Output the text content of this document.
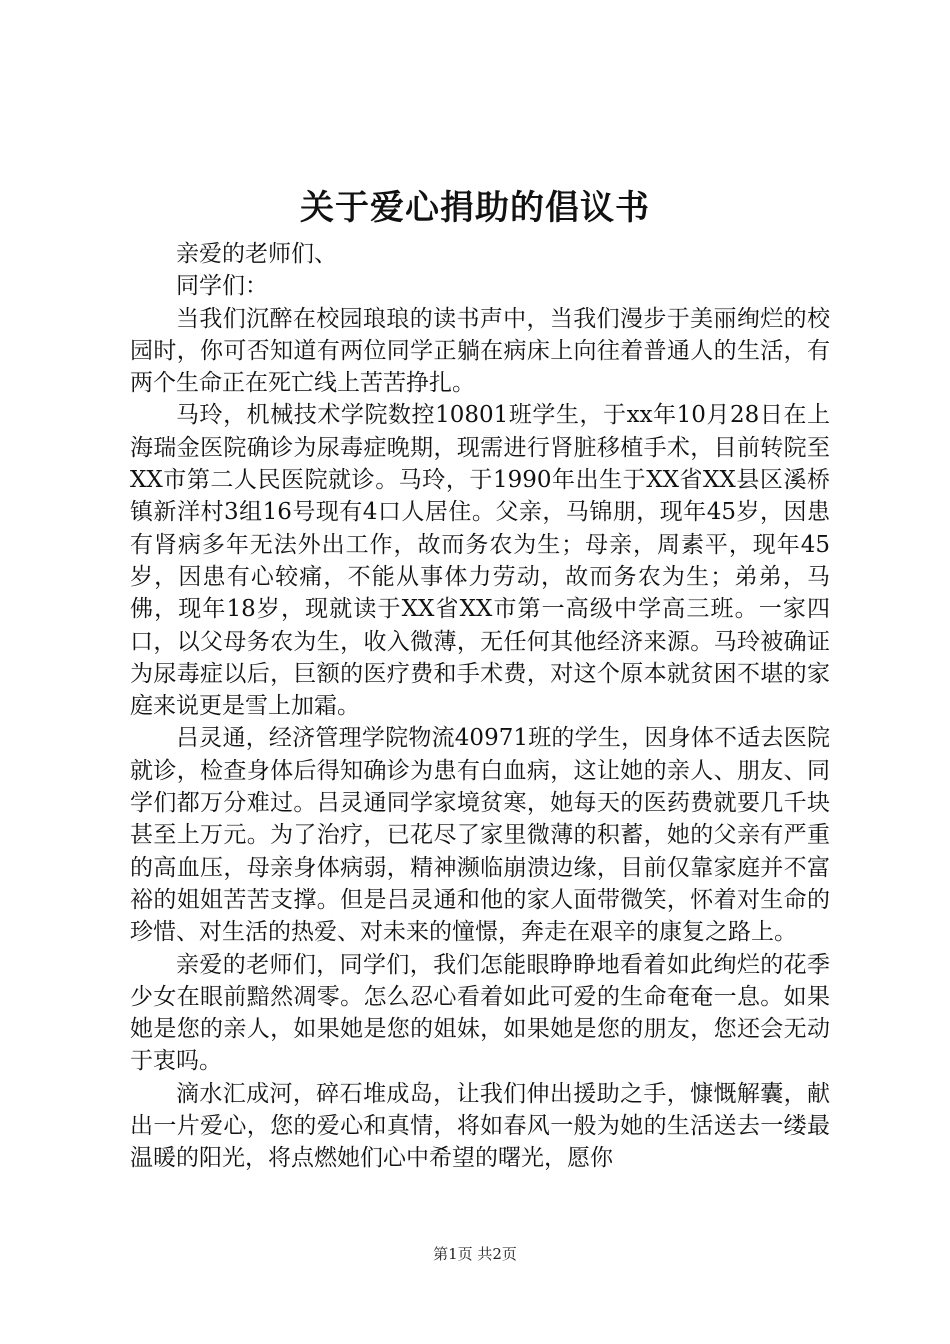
关于爱心捐助的倡议书

亲爱的老师们、

同学们：

当我们沉醉在校园琅琅的读书声中，当我们漫步于美丽绚烂的校园时，你可否知道有两位同学正躺在病床上向往着普通人的生活，有两个生命正在死亡线上苦苦挣扎。

马玲，机械技术学院数控10801班学生，于xx年10月28日在上海瑞金医院确诊为尿毒症晚期，现需进行肾脏移植手术，目前转院至XX市第二人民医院就诊。马玲，于1990年出生于XX省XX县区溪桥镇新洋村3组16号现有4口人居住。父亲，马锦朋，现年45岁，因患有肾病多年无法外出工作，故而务农为生；母亲，周素平，现年45岁，因患有心较痛，不能从事体力劳动，故而务农为生；弟弟，马佛，现年18岁，现就读于XX省XX市第一高级中学高三班。一家四口，以父母务农为生，收入微薄，无任何其他经济来源。马玲被确证为尿毒症以后，巨额的医疗费和手术费，对这个原本就贫困不堪的家庭来说更是雪上加霜。

吕灵通，经济管理学院物流40971班的学生，因身体不适去医院就诊，检查身体后得知确诊为患有白血病，这让她的亲人、朋友、同学们都万分难过。吕灵通同学家境贫寒，她每天的医药费就要几千块甚至上万元。为了治疗，已花尽了家里微薄的积蓄，她的父亲有严重的高血压，母亲身体病弱，精神濒临崩溃边缘，目前仅靠家庭并不富裕的姐姐苦苦支撑。但是吕灵通和他的家人面带微笑，怀着对生命的珍惜、对生活的热爱、对未来的憧憬，奔走在艰辛的康复之路上。

亲爱的老师们，同学们，我们怎能眼睁睁地看着如此绚烂的花季少女在眼前黯然凋零。怎么忍心看着如此可爱的生命奄奄一息。如果她是您的亲人，如果她是您的姐妹，如果她是您的朋友，您还会无动于衷吗。

滴水汇成河，碎石堆成岛，让我们伸出援助之手，慷慨解囊，献出一片爱心，您的爱心和真情，将如春风一般为她的生活送去一缕最温暖的阳光，将点燃她们心中希望的曙光，愿你

第1页 共2页
